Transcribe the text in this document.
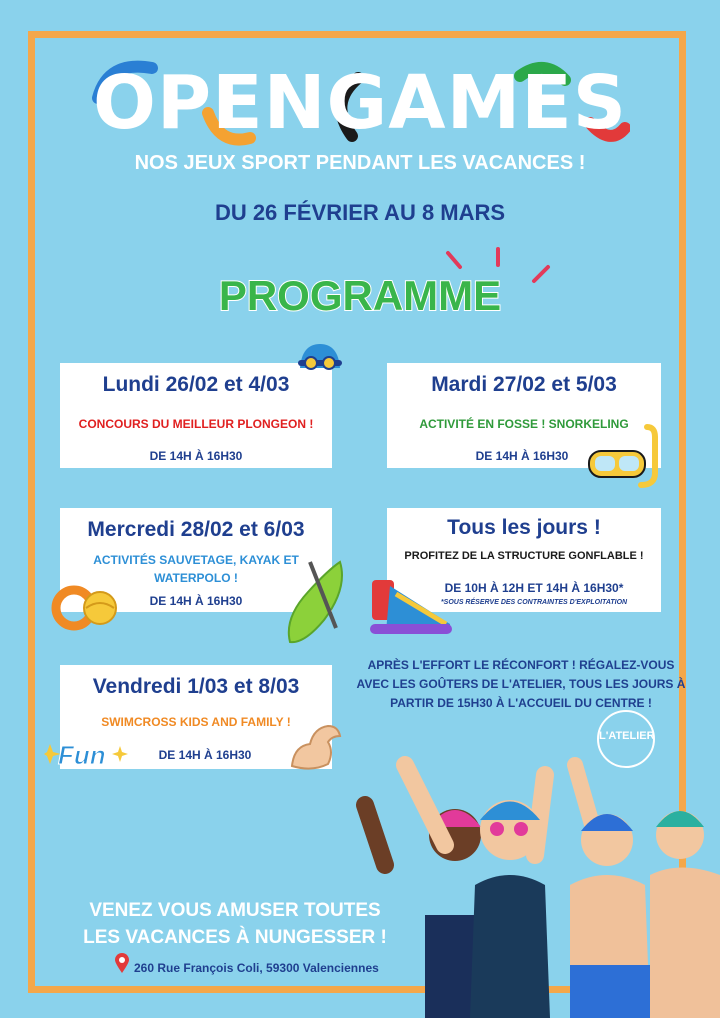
OPENGAMES
NOS JEUX SPORT PENDANT LES VACANCES !
DU 26 FÉVRIER AU 8 MARS
PROGRAMME
Lundi 26/02 et 4/03
CONCOURS DU MEILLEUR PLONGEON !
DE 14H À 16H30
Mardi 27/02 et 5/03
ACTIVITÉ EN FOSSE ! SNORKELING
DE 14H À 16H30
Mercredi 28/02 et 6/03
ACTIVITÉS SAUVETAGE, KAYAK ET
WATERPOLO !
DE 14H À 16H30
Tous les jours !
PROFITEZ DE LA STRUCTURE GONFLABLE !
DE 10H À 12H ET 14H À 16H30*
*SOUS RÉSERVE DES CONTRAINTES D'EXPLOITATION
Vendredi 1/03 et 8/03
SWIMCROSS KIDS AND FAMILY !
DE 14H À 16H30
Fun
APRÈS L'EFFORT LE RÉCONFORT ! RÉGALEZ-VOUS
AVEC LES GOÛTERS DE L'ATELIER, TOUS LES JOURS À
PARTIR DE 15H30 À L'ACCUEIL DU CENTRE !
L'ATELIER
VENEZ VOUS AMUSER TOUTES
LES VACANCES À NUNGESSER !
260 Rue François Coli, 59300 Valenciennes
